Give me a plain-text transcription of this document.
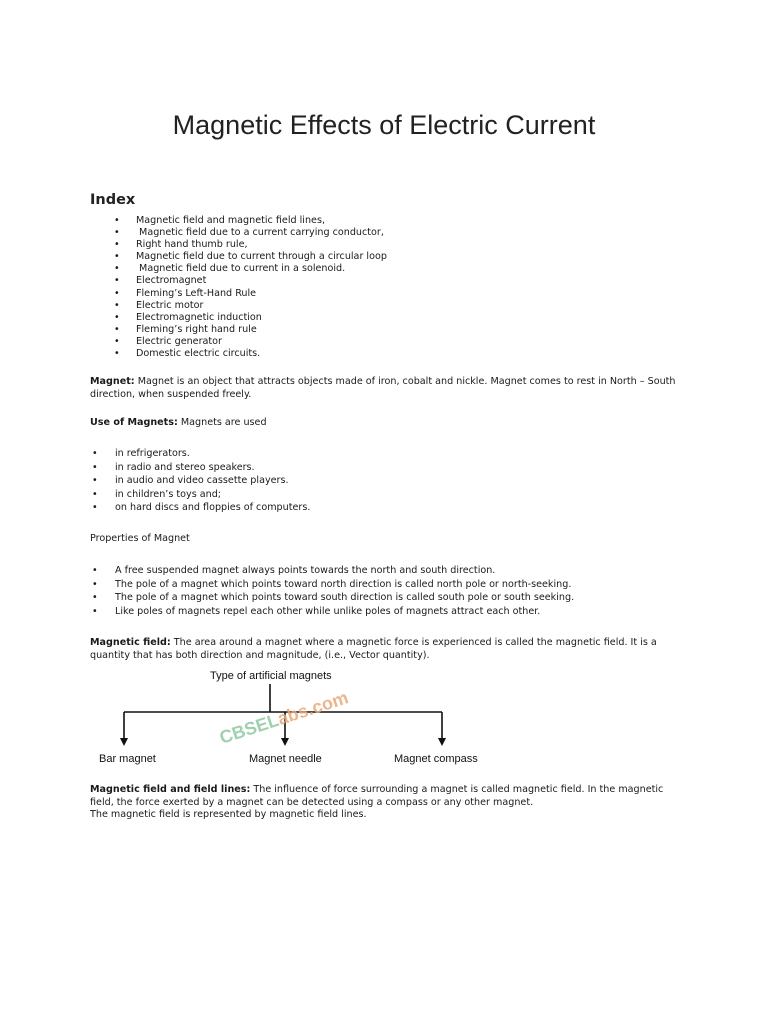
Magnetic Effects of Electric Current
Index
• Magnetic field and magnetic field lines,
•  Magnetic field due to a current carrying conductor,
• Right hand thumb rule,
• Magnetic field due to current through a circular loop
•  Magnetic field due to current in a solenoid.
• Electromagnet
• Fleming’s Left-Hand Rule
• Electric motor
• Electromagnetic induction
• Fleming’s right hand rule
• Electric generator
• Domestic electric circuits.

Magnet: Magnet is an object that attracts objects made of iron, cobalt and nickle. Magnet comes to rest in North – South direction, when suspended freely.

Use of Magnets: Magnets are used

• in refrigerators.
• in radio and stereo speakers.
• in audio and video cassette players.
• in children’s toys and;
• on hard discs and floppies of computers.

Properties of Magnet

• A free suspended magnet always points towards the north and south direction.
• The pole of a magnet which points toward north direction is called north pole or north-seeking.
• The pole of a magnet which points toward south direction is called south pole or south seeking.
• Like poles of magnets repel each other while unlike poles of magnets attract each other.

Magnetic field: The area around a magnet where a magnetic force is experienced is called the magnetic field. It is a quantity that has both direction and magnitude, (i.e., Vector quantity).

Type of artificial magnets
Bar magnet	Magnet needle	Magnet compass
CBSELabs.com

Magnetic field and field lines: The influence of force surrounding a magnet is called magnetic field. In the magnetic field, the force exerted by a magnet can be detected using a compass or any other magnet.
The magnetic field is represented by magnetic field lines.
